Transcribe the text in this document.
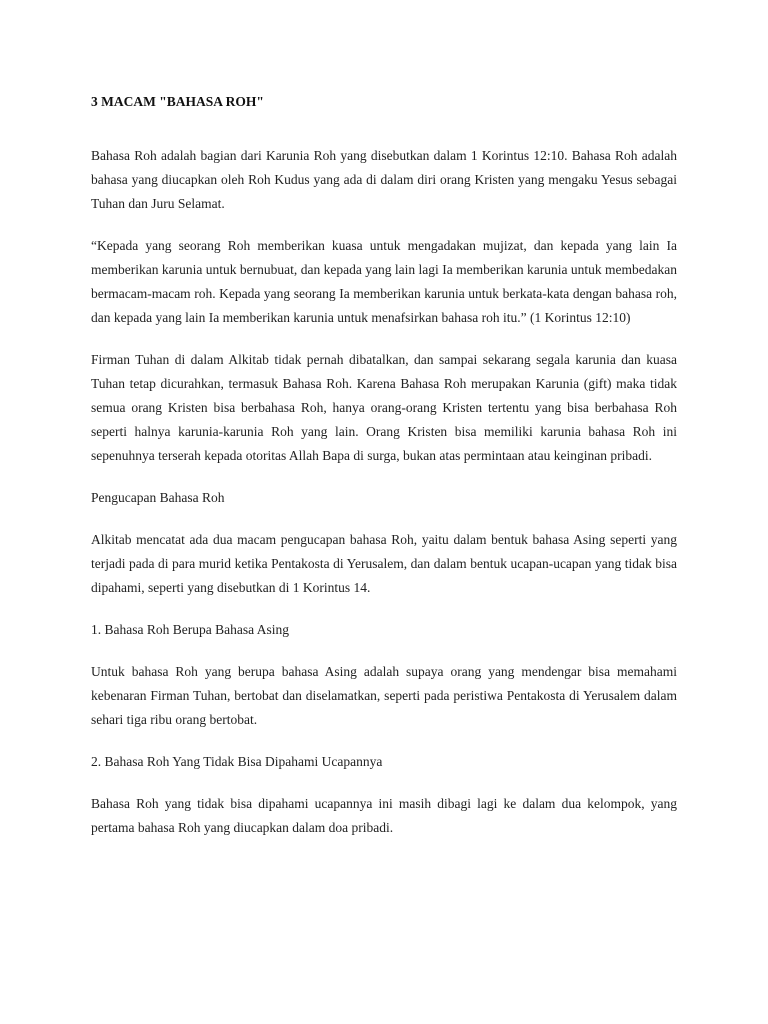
3 MACAM "BAHASA ROH"

Bahasa Roh adalah bagian dari Karunia Roh yang disebutkan dalam 1 Korintus 12:10. Bahasa Roh adalah bahasa yang diucapkan oleh Roh Kudus yang ada di dalam diri orang Kristen yang mengaku Yesus sebagai Tuhan dan Juru Selamat.

“Kepada yang seorang Roh memberikan kuasa untuk mengadakan mujizat, dan kepada yang lain Ia memberikan karunia untuk bernubuat, dan kepada yang lain lagi Ia memberikan karunia untuk membedakan bermacam-macam roh. Kepada yang seorang Ia memberikan karunia untuk berkata-kata dengan bahasa roh, dan kepada yang lain Ia memberikan karunia untuk menafsirkan bahasa roh itu.” (1 Korintus 12:10)

Firman Tuhan di dalam Alkitab tidak pernah dibatalkan, dan sampai sekarang segala karunia dan kuasa Tuhan tetap dicurahkan, termasuk Bahasa Roh. Karena Bahasa Roh merupakan Karunia (gift) maka tidak semua orang Kristen bisa berbahasa Roh, hanya orang-orang Kristen tertentu yang bisa berbahasa Roh seperti halnya karunia-karunia Roh yang lain. Orang Kristen bisa memiliki karunia bahasa Roh ini sepenuhnya terserah kepada otoritas Allah Bapa di surga, bukan atas permintaan atau keinginan pribadi.

Pengucapan Bahasa Roh

Alkitab mencatat ada dua macam pengucapan bahasa Roh, yaitu dalam bentuk bahasa Asing seperti yang terjadi pada di para murid ketika Pentakosta di Yerusalem, dan dalam bentuk ucapan-ucapan yang tidak bisa dipahami, seperti yang disebutkan di 1 Korintus 14.

1. Bahasa Roh Berupa Bahasa Asing

Untuk bahasa Roh yang berupa bahasa Asing adalah supaya orang yang mendengar bisa memahami kebenaran Firman Tuhan, bertobat dan diselamatkan, seperti pada peristiwa Pentakosta di Yerusalem dalam sehari tiga ribu orang bertobat.

2. Bahasa Roh Yang Tidak Bisa Dipahami Ucapannya

Bahasa Roh yang tidak bisa dipahami ucapannya ini masih dibagi lagi ke dalam dua kelompok, yang pertama bahasa Roh yang diucapkan dalam doa pribadi.
